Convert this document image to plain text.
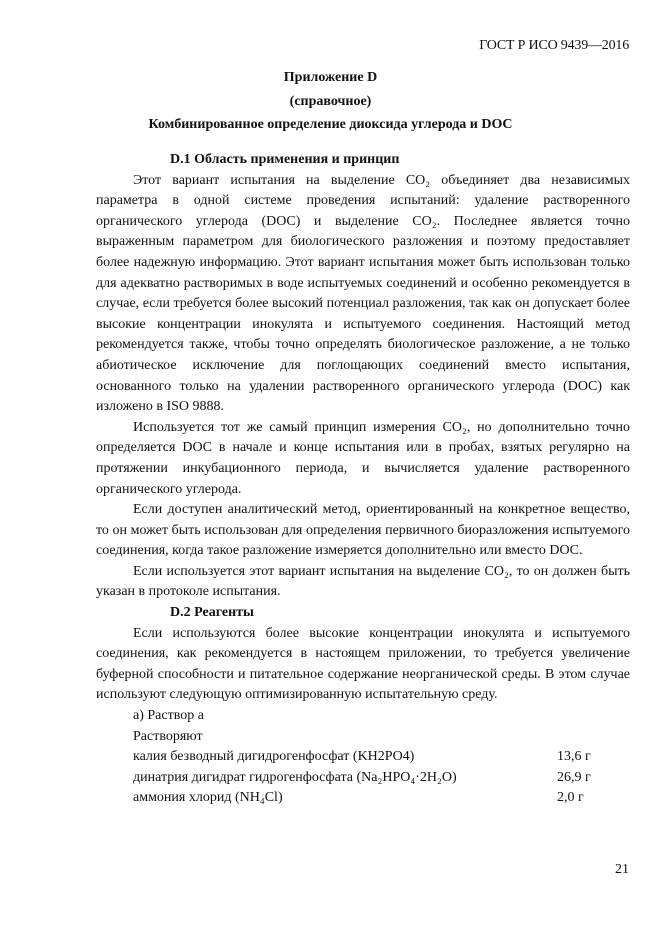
ГОСТ Р ИСО 9439—2016
Приложение D
(справочное)
Комбинированное определение диоксида углерода и DOC

D.1 Область применения и принцип

Этот вариант испытания на выделение CO₂ объединяет два независимых параметра в одной системе проведения испытаний: удаление растворенного органического углерода (DOC) и выделение CO₂. Последнее является точно выраженным параметром для биологического разложения и поэтому предоставляет более надежную информацию. Этот вариант испытания может быть использован только для адекватно растворимых в воде испытуемых соединений и особенно рекомендуется в случае, если требуется более высокий потенциал разложения, так как он допускает более высокие концентрации инокулята и испытуемого соединения. Настоящий метод рекомендуется также, чтобы точно определять биологическое разложение, а не только абиотическое исключение для поглощающих соединений вместо испытания, основанного только на удалении растворенного органического углерода (DOC) как изложено в ISO 9888.

Используется тот же самый принцип измерения CO₂, но дополнительно точно определяется DOC в начале и конце испытания или в пробах, взятых регулярно на протяжении инкубационного периода, и вычисляется удаление растворенного органического углерода.

Если доступен аналитический метод, ориентированный на конкретное вещество, то он может быть использован для определения первичного биоразложения испытуемого соединения, когда такое разложение измеряется дополнительно или вместо DOC.

Если используется этот вариант испытания на выделение CO₂, то он должен быть указан в протоколе испытания.

D.2 Реагенты

Если используются более высокие концентрации инокулята и испытуемого соединения, как рекомендуется в настоящем приложении, то требуется увеличение буферной способности и питательное содержание неорганической среды. В этом случае используют следующую оптимизированную испытательную среду.

a) Раствор а

Растворяют

калия безводный дигидрогенфосфат (KH2PO4)	13,6 г
динатрия дигидрат гидрогенфосфата (Na₂HPO₄·2H₂O)	26,9 г
аммония хлорид (NH₄Cl)	2,0 г
21
